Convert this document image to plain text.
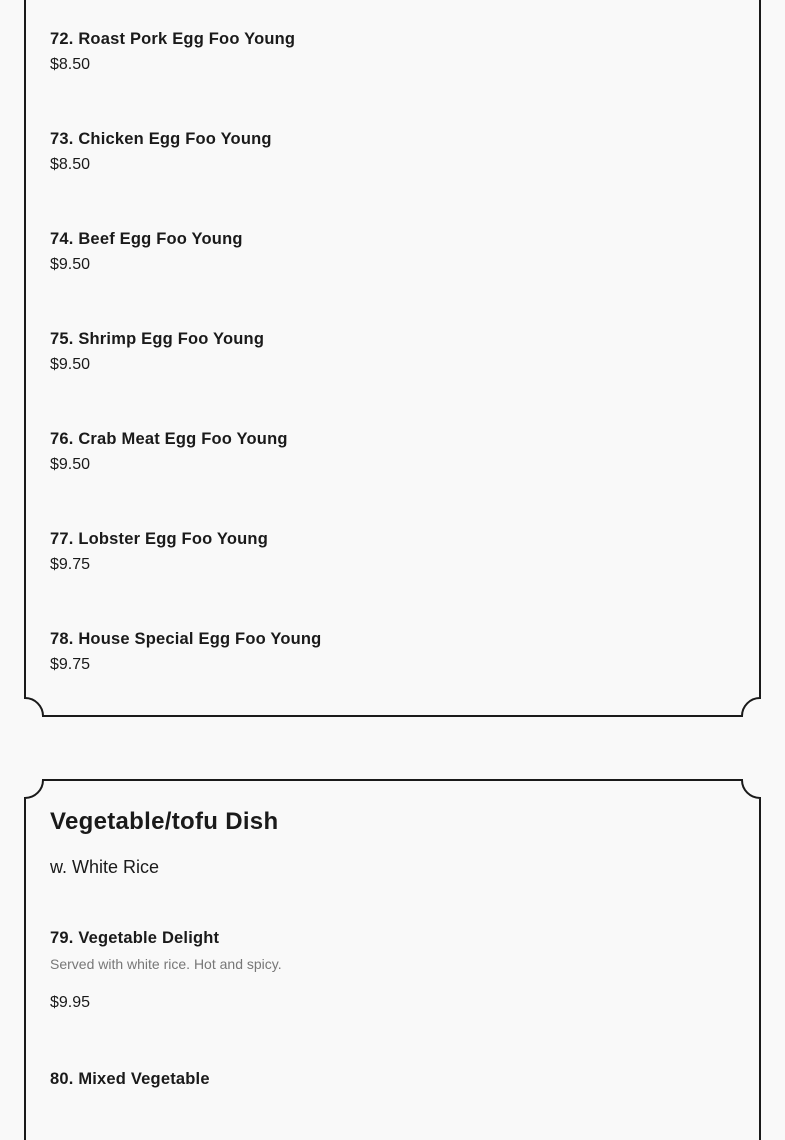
72. Roast Pork Egg Foo Young
$8.50
73. Chicken Egg Foo Young
$8.50
74. Beef Egg Foo Young
$9.50
75. Shrimp Egg Foo Young
$9.50
76. Crab Meat Egg Foo Young
$9.50
77. Lobster Egg Foo Young
$9.75
78. House Special Egg Foo Young
$9.75
Vegetable/tofu Dish
w. White Rice
79. Vegetable Delight
Served with white rice. Hot and spicy.
$9.95
80. Mixed Vegetable
